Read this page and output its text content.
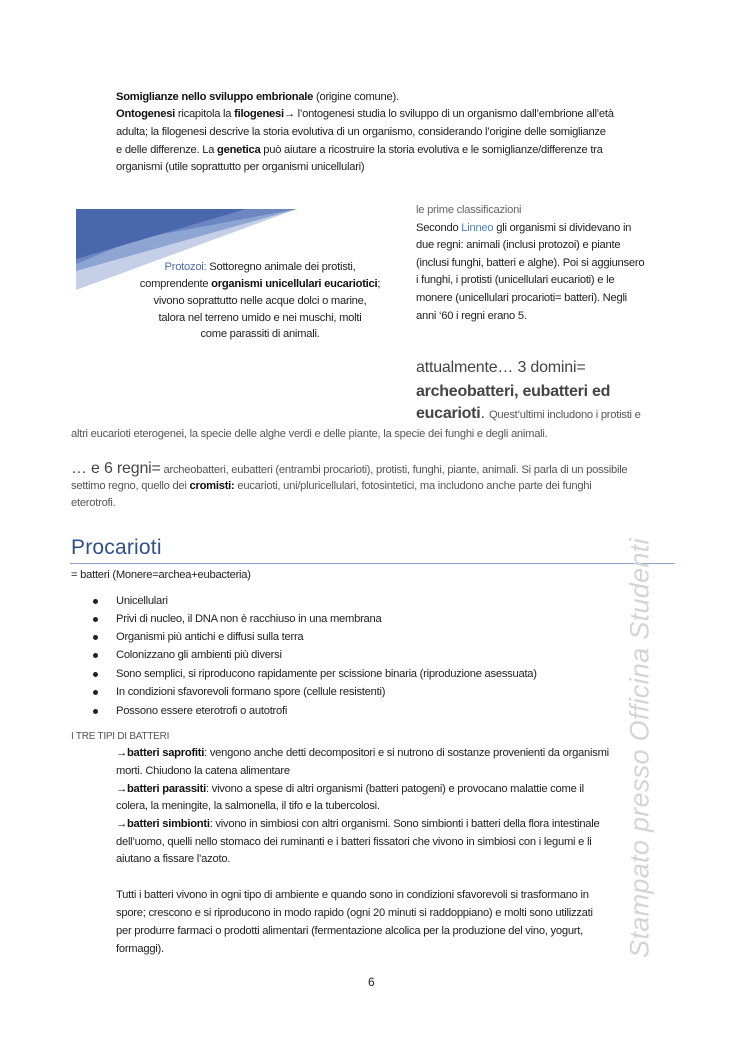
Somiglianze nello sviluppo embrionale (origine comune).
Ontogenesi ricapitola la filogenesi→ l’ontogenesi studia lo sviluppo di un organismo dall’embrione all’età
adulta; la filogenesi descrive la storia evolutiva di un organismo, considerando l’origine delle somiglianze
e delle differenze. La genetica può aiutare a ricostruire la storia evolutiva e le somiglianze/differenze tra
organismi (utile soprattutto per organismi unicellulari)
Protozoi: Sottoregno animale dei protisti,
comprendente organismi unicellulari eucariotici;
vivono soprattutto nelle acque dolci o marine,
talora nel terreno umido e nei muschi, molti
come parassiti di animali.
le prime classificazioni
Secondo Linneo gli organismi si dividevano in
due regni: animali (inclusi protozoi) e piante
(inclusi funghi, batteri e alghe). Poi si aggiunsero
i funghi, i protisti (unicellulari eucarioti) e le
monere (unicellulari procarioti= batteri). Negli
anni ‘60 i regni erano 5.
attualmente… 3 domini=
archeobatteri, eubatteri ed
eucarioti. Quest’ultimi includono i protisti e
altri eucarioti eterogenei, la specie delle alghe verdi e delle piante, la specie dei funghi e degli animali.
… e 6 regni= archeobatteri, eubatteri (entrambi procarioti), protisti, funghi, piante, animali. Si parla di un possibile
settimo regno, quello dei cromisti: eucarioti, uni/pluricellulari, fotosintetici, ma includono anche parte dei funghi
eterotrofi.
Procarioti
= batteri (Monere=archea+eubacteria)
Unicellulari
Privi di nucleo, il DNA non è racchiuso in una membrana
Organismi più antichi e diffusi sulla terra
Colonizzano gli ambienti più diversi
Sono semplici, si riproducono rapidamente per scissione binaria (riproduzione asessuata)
In condizioni sfavorevoli formano spore (cellule resistenti)
Possono essere eterotrofi o autotrofi
I TRE TIPI DI BATTERI
→batteri saprofiti: vengono anche detti decompositori e si nutrono di sostanze provenienti da organismi
morti. Chiudono la catena alimentare
→batteri parassiti: vivono a spese di altri organismi (batteri patogeni) e provocano malattie come il
colera, la meningite, la salmonella, il tifo e la tubercolosi.
→batteri simbionti: vivono in simbiosi con altri organismi. Sono simbionti i batteri della flora intestinale
dell’uomo, quelli nello stomaco dei ruminanti e i batteri fissatori che vivono in simbiosi con i legumi e li
aiutano a fissare l’azoto.
Tutti i batteri vivono in ogni tipo di ambiente e quando sono in condizioni sfavorevoli si trasformano in
spore; crescono e si riproducono in modo rapido (ogni 20 minuti si raddoppiano) e molti sono utilizzati
per produrre farmaci o prodotti alimentari (fermentazione alcolica per la produzione del vino, yogurt,
formaggi).
6
Stampato presso Officina Studenti
